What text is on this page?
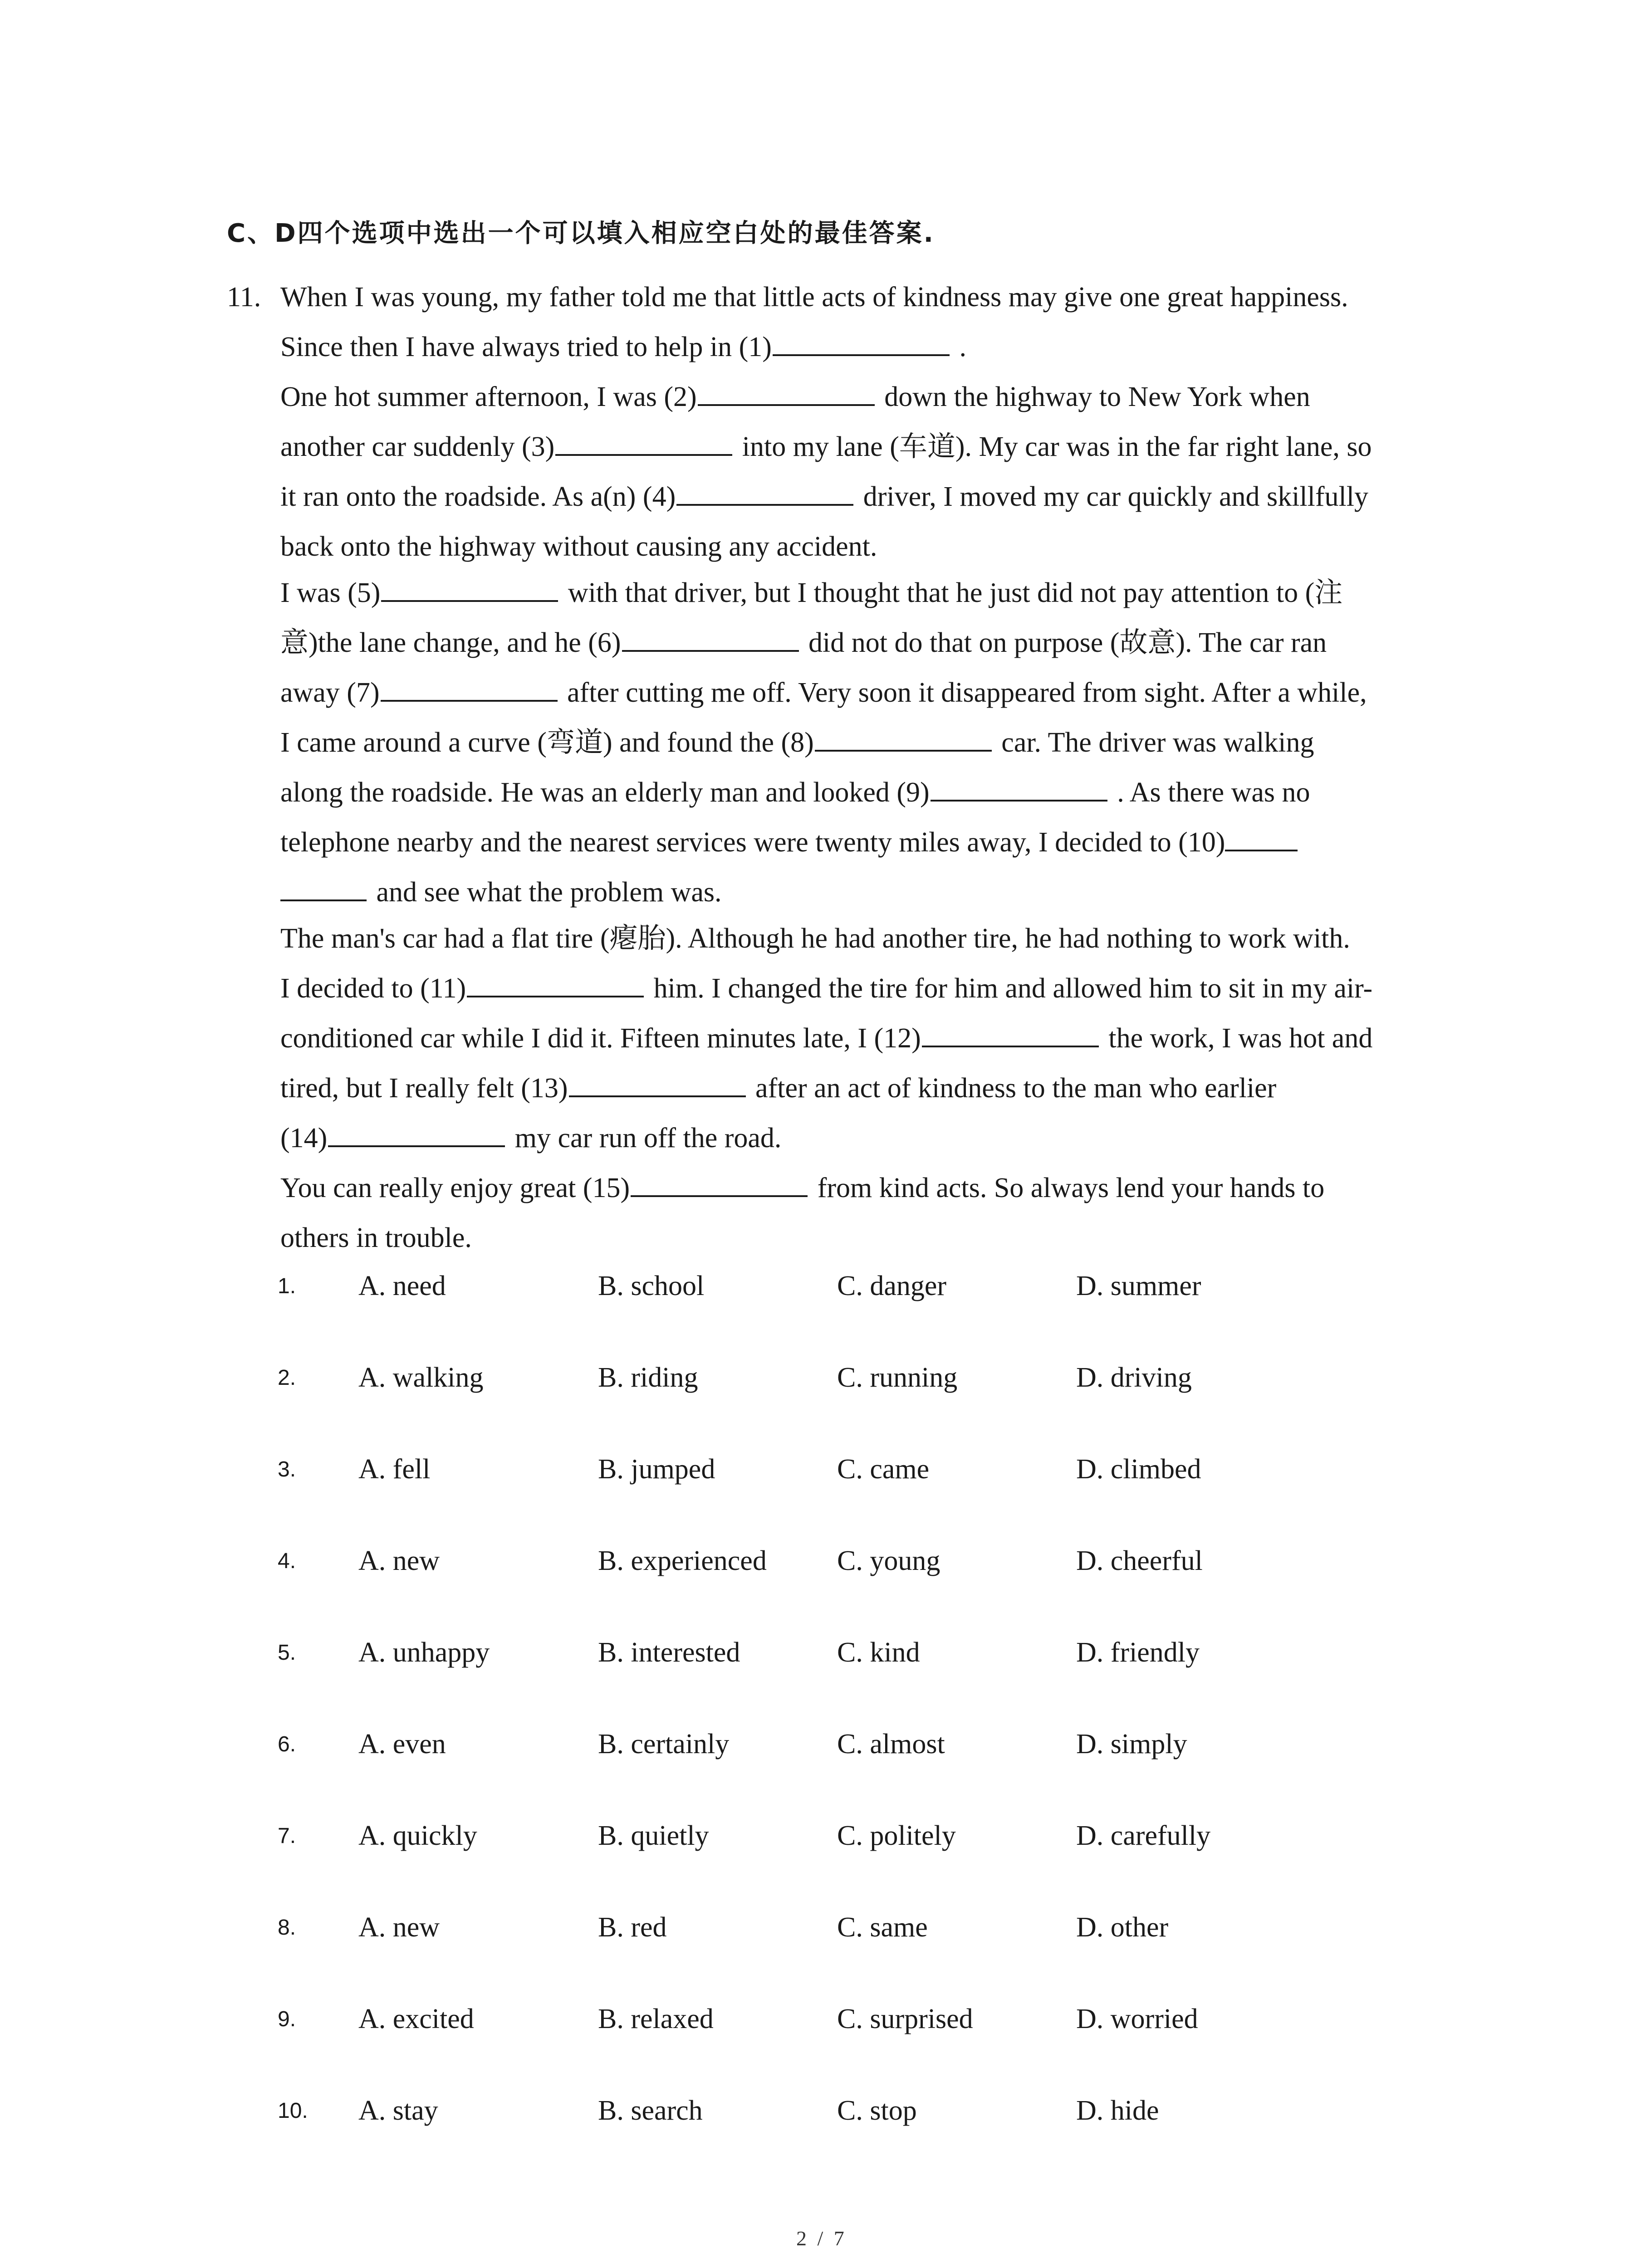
C、D四个选项中选出一个可以填入相应空白处的最佳答案.
11. When I was young, my father told me that little acts of kindness may give one great happiness.
Since then I have always tried to help in (1)	.
One hot summer afternoon, I was (2)	down the highway to New York when
another car suddenly (3)	into my lane (车道). My car was in the far right lane, so
it ran onto the roadside. As a(n) (4)	driver, I moved my car quickly and skillfully
back onto the highway without causing any accident.
I was (5)	with that driver, but I thought that he just did not pay attention to (注
意)the lane change, and he (6)	did not do that on purpose (故意). The car ran
away (7)	after cutting me off. Very soon it disappeared from sight. After a while,
I came around a curve (弯道) and found the (8)	car. The driver was walking
along the roadside. He was an elderly man and looked (9)	. As there was no
telephone nearby and the nearest services were twenty miles away, I decided to (10)
and see what the problem was.
The man's car had a flat tire (瘪胎). Although he had another tire, he had nothing to work with.
I decided to (11)	him. I changed the tire for him and allowed him to sit in my air-
conditioned car while I did it. Fifteen minutes late, I (12)	the work, I was hot and
tired, but I really felt (13)	after an act of kindness to the man who earlier
(14)	my car run off the road.
You can really enjoy great (15)	from kind acts. So always lend your hands to
others in trouble.
1. A. need	B. school	C. danger	D. summer
2. A. walking	B. riding	C. running	D. driving
3. A. fell	B. jumped	C. came	D. climbed
4. A. new	B. experienced	C. young	D. cheerful
5. A. unhappy	B. interested	C. kind	D. friendly
6. A. even	B. certainly	C. almost	D. simply
7. A. quickly	B. quietly	C. politely	D. carefully
8. A. new	B. red	C. same	D. other
9. A. excited	B. relaxed	C. surprised	D. worried
10. A. stay	B. search	C. stop	D. hide
2 / 7
